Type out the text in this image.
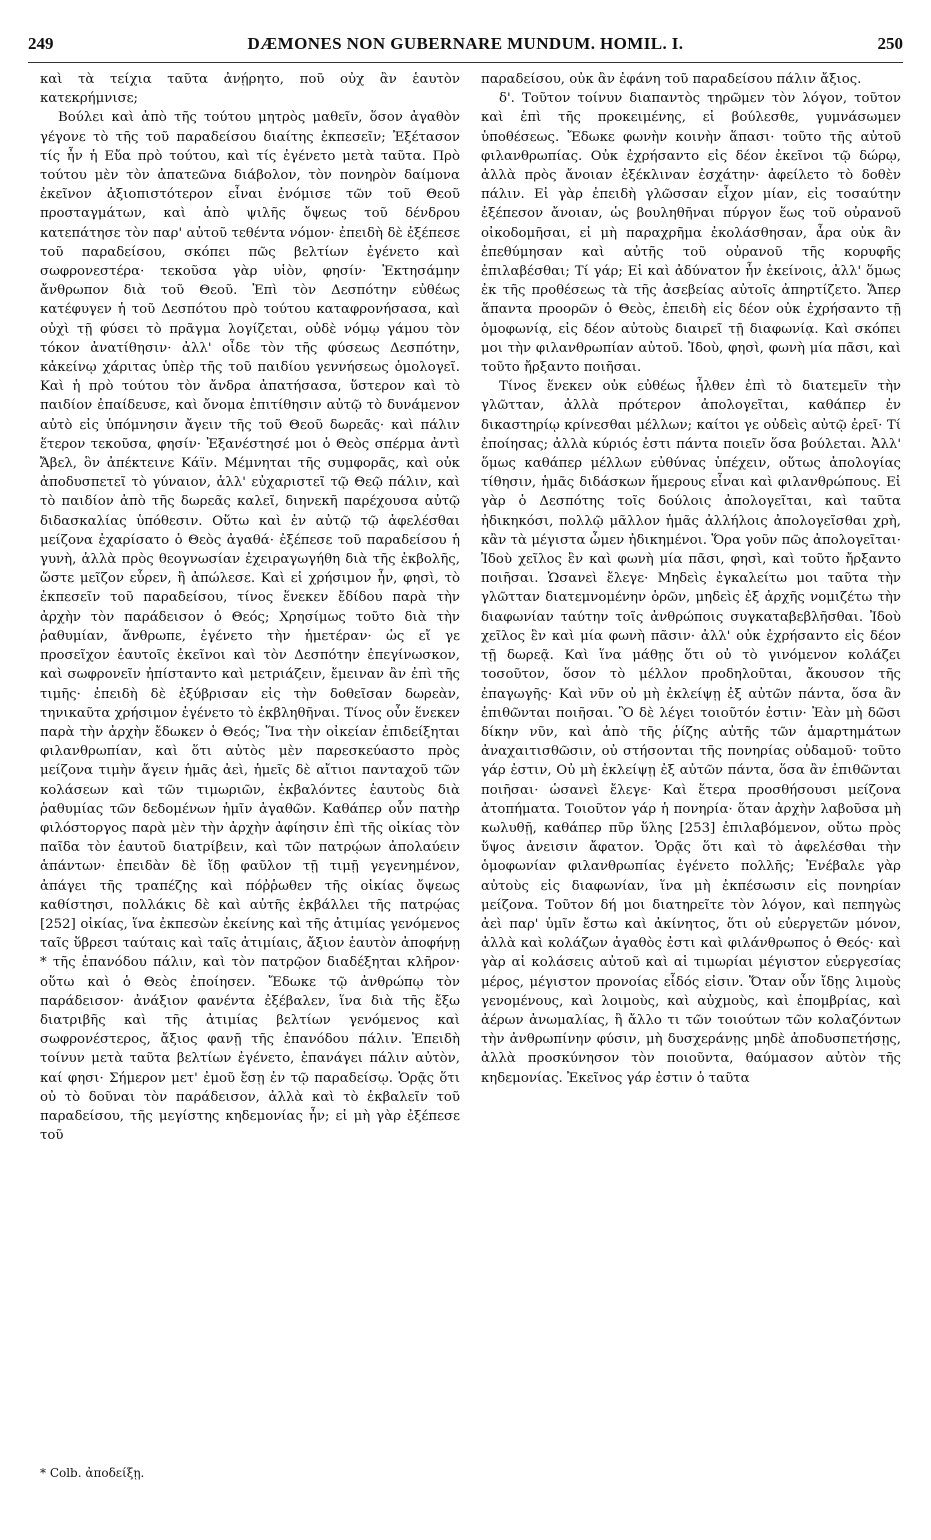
249	DÆMONES NON GUBERNARE MUNDUM. HOMIL. I.	250

καὶ τὰ τείχια ταῦτα ἀνῄρητο, ποῦ οὐχ ἂν ἑαυτὸν κατεκρήμνισε;

Βούλει καὶ ἀπὸ τῆς τούτου μητρὸς μαθεῖν, ὅσον ἀγαθὸν γέγονε τὸ τῆς τοῦ παραδείσου διαίτης ἐκπεσεῖν; Ἐξέτασον τίς ἦν ἡ Εὔα πρὸ τούτου, καὶ τίς ἐγένετο μετὰ ταῦτα. Πρὸ τούτου μὲν τὸν ἀπατεῶνα διάβολον, τὸν πονηρὸν δαίμονα ἐκεῖνον ἀξιοπιστότερον εἶναι ἐνόμισε τῶν τοῦ Θεοῦ προσταγμάτων, καὶ ἀπὸ ψιλῆς ὄψεως τοῦ δένδρου κατεπάτησε τὸν παρ' αὐτοῦ τεθέντα νόμον· ἐπειδὴ δὲ ἐξέπεσε τοῦ παραδείσου, σκόπει πῶς βελτίων ἐγένετο καὶ σωφρονεστέρα· τεκοῦσα γὰρ υἱὸν, φησίν· Ἐκτησάμην ἄνθρωπον διὰ τοῦ Θεοῦ. Ἐπὶ τὸν Δεσπότην εὐθέως κατέφυγεν ἡ τοῦ Δεσπότου πρὸ τούτου καταφρονήσασα, καὶ οὐχὶ τῇ φύσει τὸ πρᾶγμα λογίζεται, οὐδὲ νόμῳ γάμου τὸν τόκον ἀνατίθησιν· ἀλλ' οἶδε τὸν τῆς φύσεως Δεσπότην, κἀκείνῳ χάριτας ὑπὲρ τῆς τοῦ παιδίου γεννήσεως ὁμολογεῖ. Καὶ ἡ πρὸ τούτου τὸν ἄνδρα ἀπατήσασα, ὕστερον καὶ τὸ παιδίον ἐπαίδευσε, καὶ ὄνομα ἐπιτίθησιν αὐτῷ τὸ δυνάμενον αὐτὸ εἰς ὑπόμνησιν ἄγειν τῆς τοῦ Θεοῦ δωρεᾶς· καὶ πάλιν ἕτερον τεκοῦσα, φησίν· Ἐξανέστησέ μοι ὁ Θεὸς σπέρμα ἀντὶ Ἄβελ, ὃν ἀπέκτεινε Κάϊν. Μέμνηται τῆς συμφορᾶς, καὶ οὐκ ἀποδυσπετεῖ τὸ γύναιον, ἀλλ' εὐχαριστεῖ τῷ Θεῷ πάλιν, καὶ τὸ παιδίον ἀπὸ τῆς δωρεᾶς καλεῖ, διηνεκῆ παρέχουσα αὐτῷ διδασκαλίας ὑπόθεσιν. Οὕτω καὶ ἐν αὐτῷ τῷ ἀφελέσθαι μείζονα ἐχαρίσατο ὁ Θεὸς ἀγαθά· ἐξέπεσε τοῦ παραδείσου ἡ γυνὴ, ἀλλὰ πρὸς θεογνωσίαν ἐχειραγωγήθη διὰ τῆς ἐκβολῆς, ὥστε μεῖζον εὗρεν, ἢ ἀπώλεσε. Καὶ εἰ χρήσιμον ἦν, φησὶ, τὸ ἐκπεσεῖν τοῦ παραδείσου, τίνος ἕνεκεν ἔδίδου παρὰ τὴν ἀρχὴν τὸν παράδεισον ὁ Θεός; Χρησίμως τοῦτο διὰ τὴν ῥαθυμίαν, ἄνθρωπε, ἐγένετο τὴν ἡμετέραν· ὡς εἴ γε προσεῖχον ἑαυτοῖς ἐκεῖνοι καὶ τὸν Δεσπότην ἐπεγίνωσκον, καὶ σωφρονεῖν ἠπίσταντο καὶ μετριάζειν, ἔμειναν ἂν ἐπὶ τῆς τιμῆς· ἐπειδὴ δὲ ἐξύβρισαν εἰς τὴν δοθεῖσαν δωρεὰν, τηνικαῦτα χρήσιμον ἐγένετο τὸ ἐκβληθῆναι. Τίνος οὖν ἕνεκεν παρὰ τὴν ἀρχὴν ἔδωκεν ὁ Θεός; Ἵνα τὴν οἰκείαν ἐπιδείξηται φιλανθρωπίαν, καὶ ὅτι αὐτὸς μὲν παρεσκεύαστο πρὸς μείζονα τιμὴν ἄγειν ἡμᾶς ἀεὶ, ἡμεῖς δὲ αἴτιοι πανταχοῦ τῶν κολάσεων καὶ τῶν τιμωριῶν, ἐκβαλόντες ἑαυτοὺς διὰ ῥαθυμίας τῶν δεδομένων ἡμῖν ἀγαθῶν. Καθάπερ οὖν πατὴρ φιλόστοργος παρὰ μὲν τὴν ἀρχὴν ἀφίησιν ἐπὶ τῆς οἰκίας τὸν παῖδα τὸν ἑαυτοῦ διατρίβειν, καὶ τῶν πατρῴων ἀπολαύειν ἁπάντων· ἐπειδὰν δὲ ἴδῃ φαῦλον τῇ τιμῇ γεγενημένον, ἀπάγει τῆς τραπέζης καὶ πόῤῥωθεν τῆς οἰκίας ὄψεως καθίστησι, πολλάκις δὲ καὶ αὐτῆς ἐκβάλλει τῆς πατρῴας [252] οἰκίας, ἵνα ἐκπεσὼν ἐκείνης καὶ τῆς ἀτιμίας γενόμενος ταῖς ὕβρεσι ταύταις καὶ ταῖς ἀτιμίαις, ἄξιον ἑαυτὸν ἀποφήνῃ * τῆς ἐπανόδου πάλιν, καὶ τὸν πατρῷον διαδέξηται κλῆρον· οὕτω καὶ ὁ Θεὸς ἐποίησεν. Ἔδωκε τῷ ἀνθρώπῳ τὸν παράδεισον· ἀνάξιον φανέντα ἐξέβαλεν, ἵνα διὰ τῆς ἔξω διατριβῆς καὶ τῆς ἀτιμίας βελτίων γενόμενος καὶ σωφρονέστερος, ἄξιος φανῇ τῆς ἐπανόδου πάλιν. Ἐπειδὴ τοίνυν μετὰ ταῦτα βελτίων ἐγένετο, ἐπανάγει πάλιν αὐτὸν, καί φησι· Σήμερον μετ' ἐμοῦ ἔσῃ ἐν τῷ παραδείσῳ. Ὁρᾷς ὅτι οὐ τὸ δοῦναι τὸν παράδεισον, ἀλλὰ καὶ τὸ ἐκβαλεῖν τοῦ παραδείσου, τῆς μεγίστης κηδεμονίας ἦν; εἰ μὴ γὰρ ἐξέπεσε τοῦ

παραδείσου, οὐκ ἂν ἐφάνη τοῦ παραδείσου πάλιν ἄξιος.

δ'. Τοῦτον τοίνυν διαπαντὸς τηρῶμεν τὸν λόγον, τοῦτον καὶ ἐπὶ τῆς προκειμένης, εἰ βούλεσθε, γυμνάσωμεν ὑποθέσεως. Ἔδωκε φωνὴν κοινὴν ἅπασι· τοῦτο τῆς αὐτοῦ φιλανθρωπίας. Οὐκ ἐχρήσαντο εἰς δέον ἐκεῖνοι τῷ δώρῳ, ἀλλὰ πρὸς ἄνοιαν ἐξέκλιναν ἐσχάτην· ἀφείλετο τὸ δοθὲν πάλιν. Εἰ γὰρ ἐπειδὴ γλῶσσαν εἶχον μίαν, εἰς τοσαύτην ἐξέπεσον ἄνοιαν, ὡς βουληθῆναι πύργον ἕως τοῦ οὐρανοῦ οἰκοδομῆσαι, εἰ μὴ παραχρῆμα ἐκολάσθησαν, ἆρα οὐκ ἂν ἐπεθύμησαν καὶ αὐτῆς τοῦ οὐρανοῦ τῆς κορυφῆς ἐπιλαβέσθαι; Τί γάρ; Εἰ καὶ ἀδύνατον ἦν ἐκείνοις, ἀλλ' ὅμως ἐκ τῆς προθέσεως τὰ τῆς ἀσεβείας αὐτοῖς ἀπηρτίζετο. Ἅπερ ἅπαντα προορῶν ὁ Θεὸς, ἐπειδὴ εἰς δέον οὐκ ἐχρήσαντο τῇ ὁμοφωνίᾳ, εἰς δέον αὐτοὺς διαιρεῖ τῇ διαφωνίᾳ. Καὶ σκόπει μοι τὴν φιλανθρωπίαν αὐτοῦ. Ἰδοὺ, φησὶ, φωνὴ μία πᾶσι, καὶ τοῦτο ἤρξαντο ποιῆσαι.

Τίνος ἕνεκεν οὐκ εὐθέως ἦλθεν ἐπὶ τὸ διατεμεῖν τὴν γλῶτταν, ἀλλὰ πρότερον ἀπολογεῖται, καθάπερ ἐν δικαστηρίῳ κρίνεσθαι μέλλων; καίτοι γε οὐδεὶς αὐτῷ ἐρεῖ· Τί ἐποίησας; ἀλλὰ κύριός ἐστι πάντα ποιεῖν ὅσα βούλεται. Ἀλλ' ὅμως καθάπερ μέλλων εὐθύνας ὑπέχειν, οὕτως ἀπολογίας τίθησιν, ἡμᾶς διδάσκων ἥμερους εἶναι καὶ φιλανθρώπους. Εἰ γὰρ ὁ Δεσπότης τοῖς δούλοις ἀπολογεῖται, καὶ ταῦτα ἠδικηκόσι, πολλῷ μᾶλλον ἡμᾶς ἀλλήλοις ἀπολογεῖσθαι χρὴ, κἂν τὰ μέγιστα ὦμεν ἠδικημένοι. Ὅρα γοῦν πῶς ἀπολογεῖται· Ἰδοὺ χεῖλος ἓν καὶ φωνὴ μία πᾶσι, φησὶ, καὶ τοῦτο ἤρξαντο ποιῆσαι. Ὡσανεὶ ἔλεγε· Μηδεὶς ἐγκαλείτω μοι ταῦτα τὴν γλῶτταν διατεμνομένην ὁρῶν, μηδεὶς ἐξ ἀρχῆς νομιζέτω τὴν διαφωνίαν ταύτην τοῖς ἀνθρώποις συγκαταβεβλῆσθαι. Ἰδοὺ χεῖλος ἓν καὶ μία φωνὴ πᾶσιν· ἀλλ' οὐκ ἐχρήσαντο εἰς δέον τῇ δωρεᾷ. Καὶ ἵνα μάθῃς ὅτι οὐ τὸ γινόμενον κολάζει τοσοῦτον, ὅσον τὸ μέλλον προδηλοῦται, ἄκουσον τῆς ἐπαγωγῆς· Καὶ νῦν οὐ μὴ ἐκλείψῃ ἐξ αὐτῶν πάντα, ὅσα ἂν ἐπιθῶνται ποιῆσαι. Ὃ δὲ λέγει τοιοῦτόν ἐστιν· Ἐὰν μὴ δῶσι δίκην νῦν, καὶ ἀπὸ τῆς ῥίζης αὐτῆς τῶν ἁμαρτημάτων ἀναχαιτισθῶσιν, οὐ στήσονται τῆς πονηρίας οὐδαμοῦ· τοῦτο γάρ ἐστιν, Οὐ μὴ ἐκλείψῃ ἐξ αὐτῶν πάντα, ὅσα ἂν ἐπιθῶνται ποιῆσαι· ὡσανεὶ ἔλεγε· Καὶ ἕτερα προσθήσουσι μείζονα ἀτοπήματα. Τοιοῦτον γάρ ἡ πονηρία· ὅταν ἀρχὴν λαβοῦσα μὴ κωλυθῇ, καθάπερ πῦρ ὕλης [253] ἐπιλαβόμενον, οὕτω πρὸς ὕψος ἀνεισιν ἄφατον. Ὁρᾷς ὅτι καὶ τὸ ἀφελέσθαι τὴν ὁμοφωνίαν φιλανθρωπίας ἐγένετο πολλῆς; Ἐνέβαλε γὰρ αὐτοὺς εἰς διαφωνίαν, ἵνα μὴ ἐκπέσωσιν εἰς πονηρίαν μείζονα. Τοῦτον δή μοι διατηρεῖτε τὸν λόγον, καὶ πεπηγὼς ἀεὶ παρ' ὑμῖν ἔστω καὶ ἀκίνητος, ὅτι οὐ εὐεργετῶν μόνον, ἀλλὰ καὶ κολάζων ἀγαθὸς ἐστι καὶ φιλάνθρωπος ὁ Θεός· καὶ γὰρ αἱ κολάσεις αὐτοῦ καὶ αἱ τιμωρίαι μέγιστον εὐεργεσίας μέρος, μέγιστον προνοίας εἶδός εἰσιν. Ὅταν οὖν ἴδῃς λιμοὺς γενομένους, καὶ λοιμοὺς, καὶ αὐχμοὺς, καὶ ἐπομβρίας, καὶ ἀέρων ἀνωμαλίας, ἢ ἄλλο τι τῶν τοιούτων τῶν κολαζόντων τὴν ἀνθρωπίνην φύσιν, μὴ δυσχεράνῃς μηδὲ ἀποδυσπετήσῃς, ἀλλὰ προσκύνησον τὸν ποιοῦντα, θαύμασον αὐτὸν τῆς κηδεμονίας. Ἐκεῖνος γάρ ἐστιν ὁ ταῦτα

* Colb. ἀποδείξῃ.
